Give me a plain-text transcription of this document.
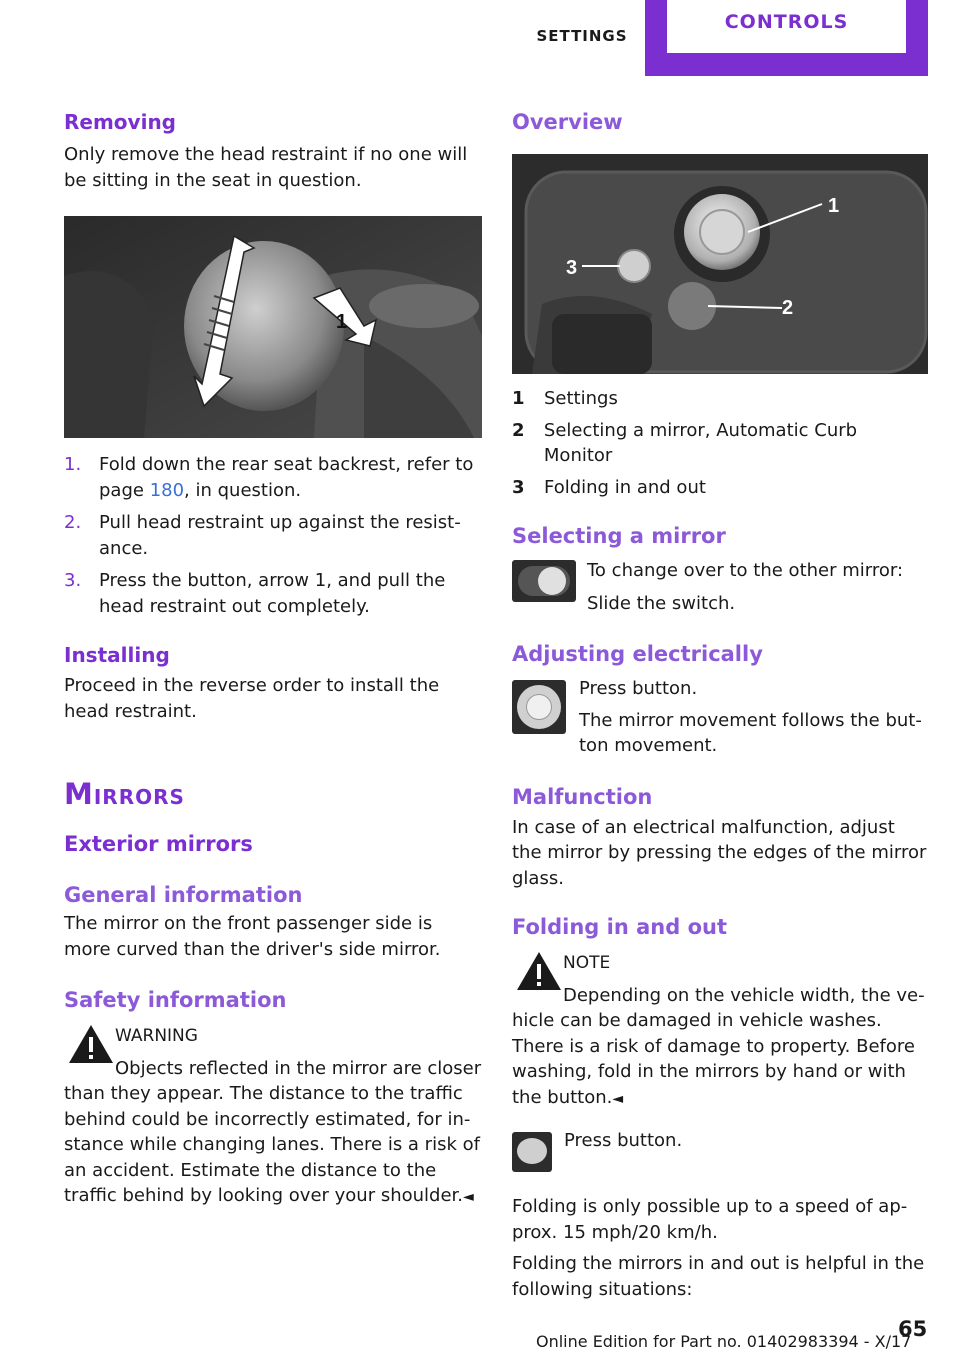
SETTINGS
CONTROLS
Removing

Only remove the head restraint if no one will be sitting in the seat in question.

1
1. Fold down the rear seat backrest, refer to page 180, in question.
2. Pull head restraint up against the resist‐ance.
3. Press the button, arrow 1, and pull the head restraint out completely.
Installing

Proceed in the reverse order to install the head restraint.

Mirrors
Exterior mirrors
General information

The mirror on the front passenger side is more curved than the driver's side mirror.

Safety information

WARNING

Objects reflected in the mirror are closer

than they appear. The distance to the traffic behind could be incorrectly estimated, for in‐stance while changing lanes. There is a risk of an accident. Estimate the distance to the traffic behind by looking over your shoulder.◄

Overview
1
2
3
1	Settings
2	Selecting a mirror, Automatic Curb Monitor
3	Folding in and out
Selecting a mirror

To change over to the other mirror:

Slide the switch.

Adjusting electrically

Press button.

The mirror movement follows the but‐ton movement.

Malfunction

In case of an electrical malfunction, adjust the mirror by pressing the edges of the mirror glass.

Folding in and out

NOTE

Depending on the vehicle width, the ve‐

hicle can be damaged in vehicle washes. There is a risk of damage to property. Before washing, fold in the mirrors by hand or with the button.◄

Press button.

Folding is only possible up to a speed of ap‐prox. 15 mph/20 km/h.

Folding the mirrors in and out is helpful in the following situations:

Online Edition for Part no. 01402983394 - X/17
65
